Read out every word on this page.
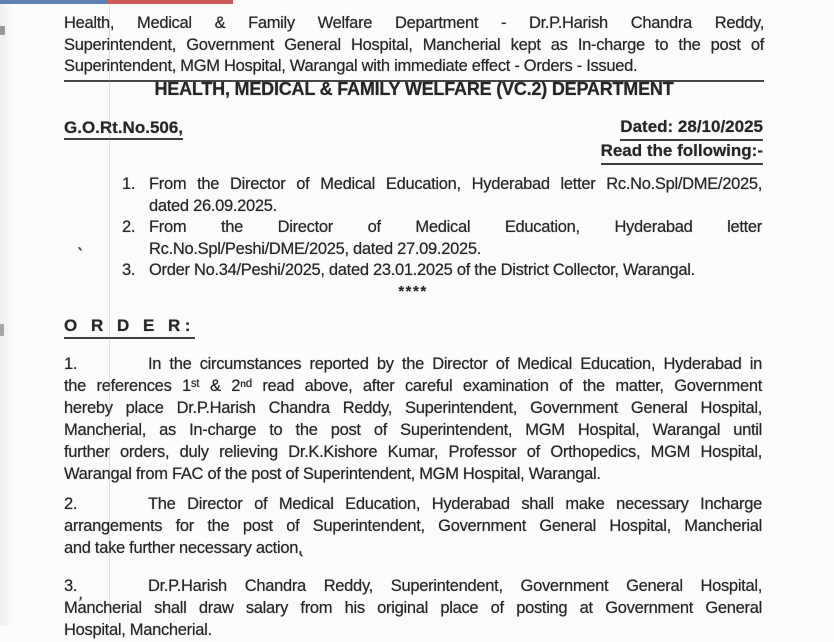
Health, Medical & Family Welfare Department - Dr.P.Harish Chandra Reddy,
Superintendent, Government General Hospital, Mancherial kept as In-charge to the post of
Superintendent, MGM Hospital, Warangal with immediate effect - Orders - Issued.
HEALTH, MEDICAL & FAMILY WELFARE (VC.2) DEPARTMENT
G.O.Rt.No.506,	Dated: 28/10/2025
Read the following:-
1. From the Director of Medical Education, Hyderabad letter Rc.No.Spl/DME/2025,
dated 26.09.2025.
2. From the Director of Medical Education, Hyderabad letter
Rc.No.Spl/Peshi/DME/2025, dated 27.09.2025.
3. Order No.34/Peshi/2025, dated 23.01.2025 of the District Collector, Warangal.
****
O R D E R:
1.	In the circumstances reported by the Director of Medical Education, Hyderabad in
the references 1ˢᵗ & 2ⁿᵈ read above, after careful examination of the matter, Government
hereby place Dr.P.Harish Chandra Reddy, Superintendent, Government General Hospital,
Mancherial, as In-charge to the post of Superintendent, MGM Hospital, Warangal until
further orders, duly relieving Dr.K.Kishore Kumar, Professor of Orthopedics, MGM Hospital,
Warangal from FAC of the post of Superintendent, MGM Hospital, Warangal.
2.	The Director of Medical Education, Hyderabad shall make necessary Incharge
arrangements for the post of Superintendent, Government General Hospital, Mancherial
and take further necessary action.
3.	Dr.P.Harish Chandra Reddy, Superintendent, Government General Hospital,
Mancherial shall draw salary from his original place of posting at Government General
Hospital, Mancherial.
`
`
,
